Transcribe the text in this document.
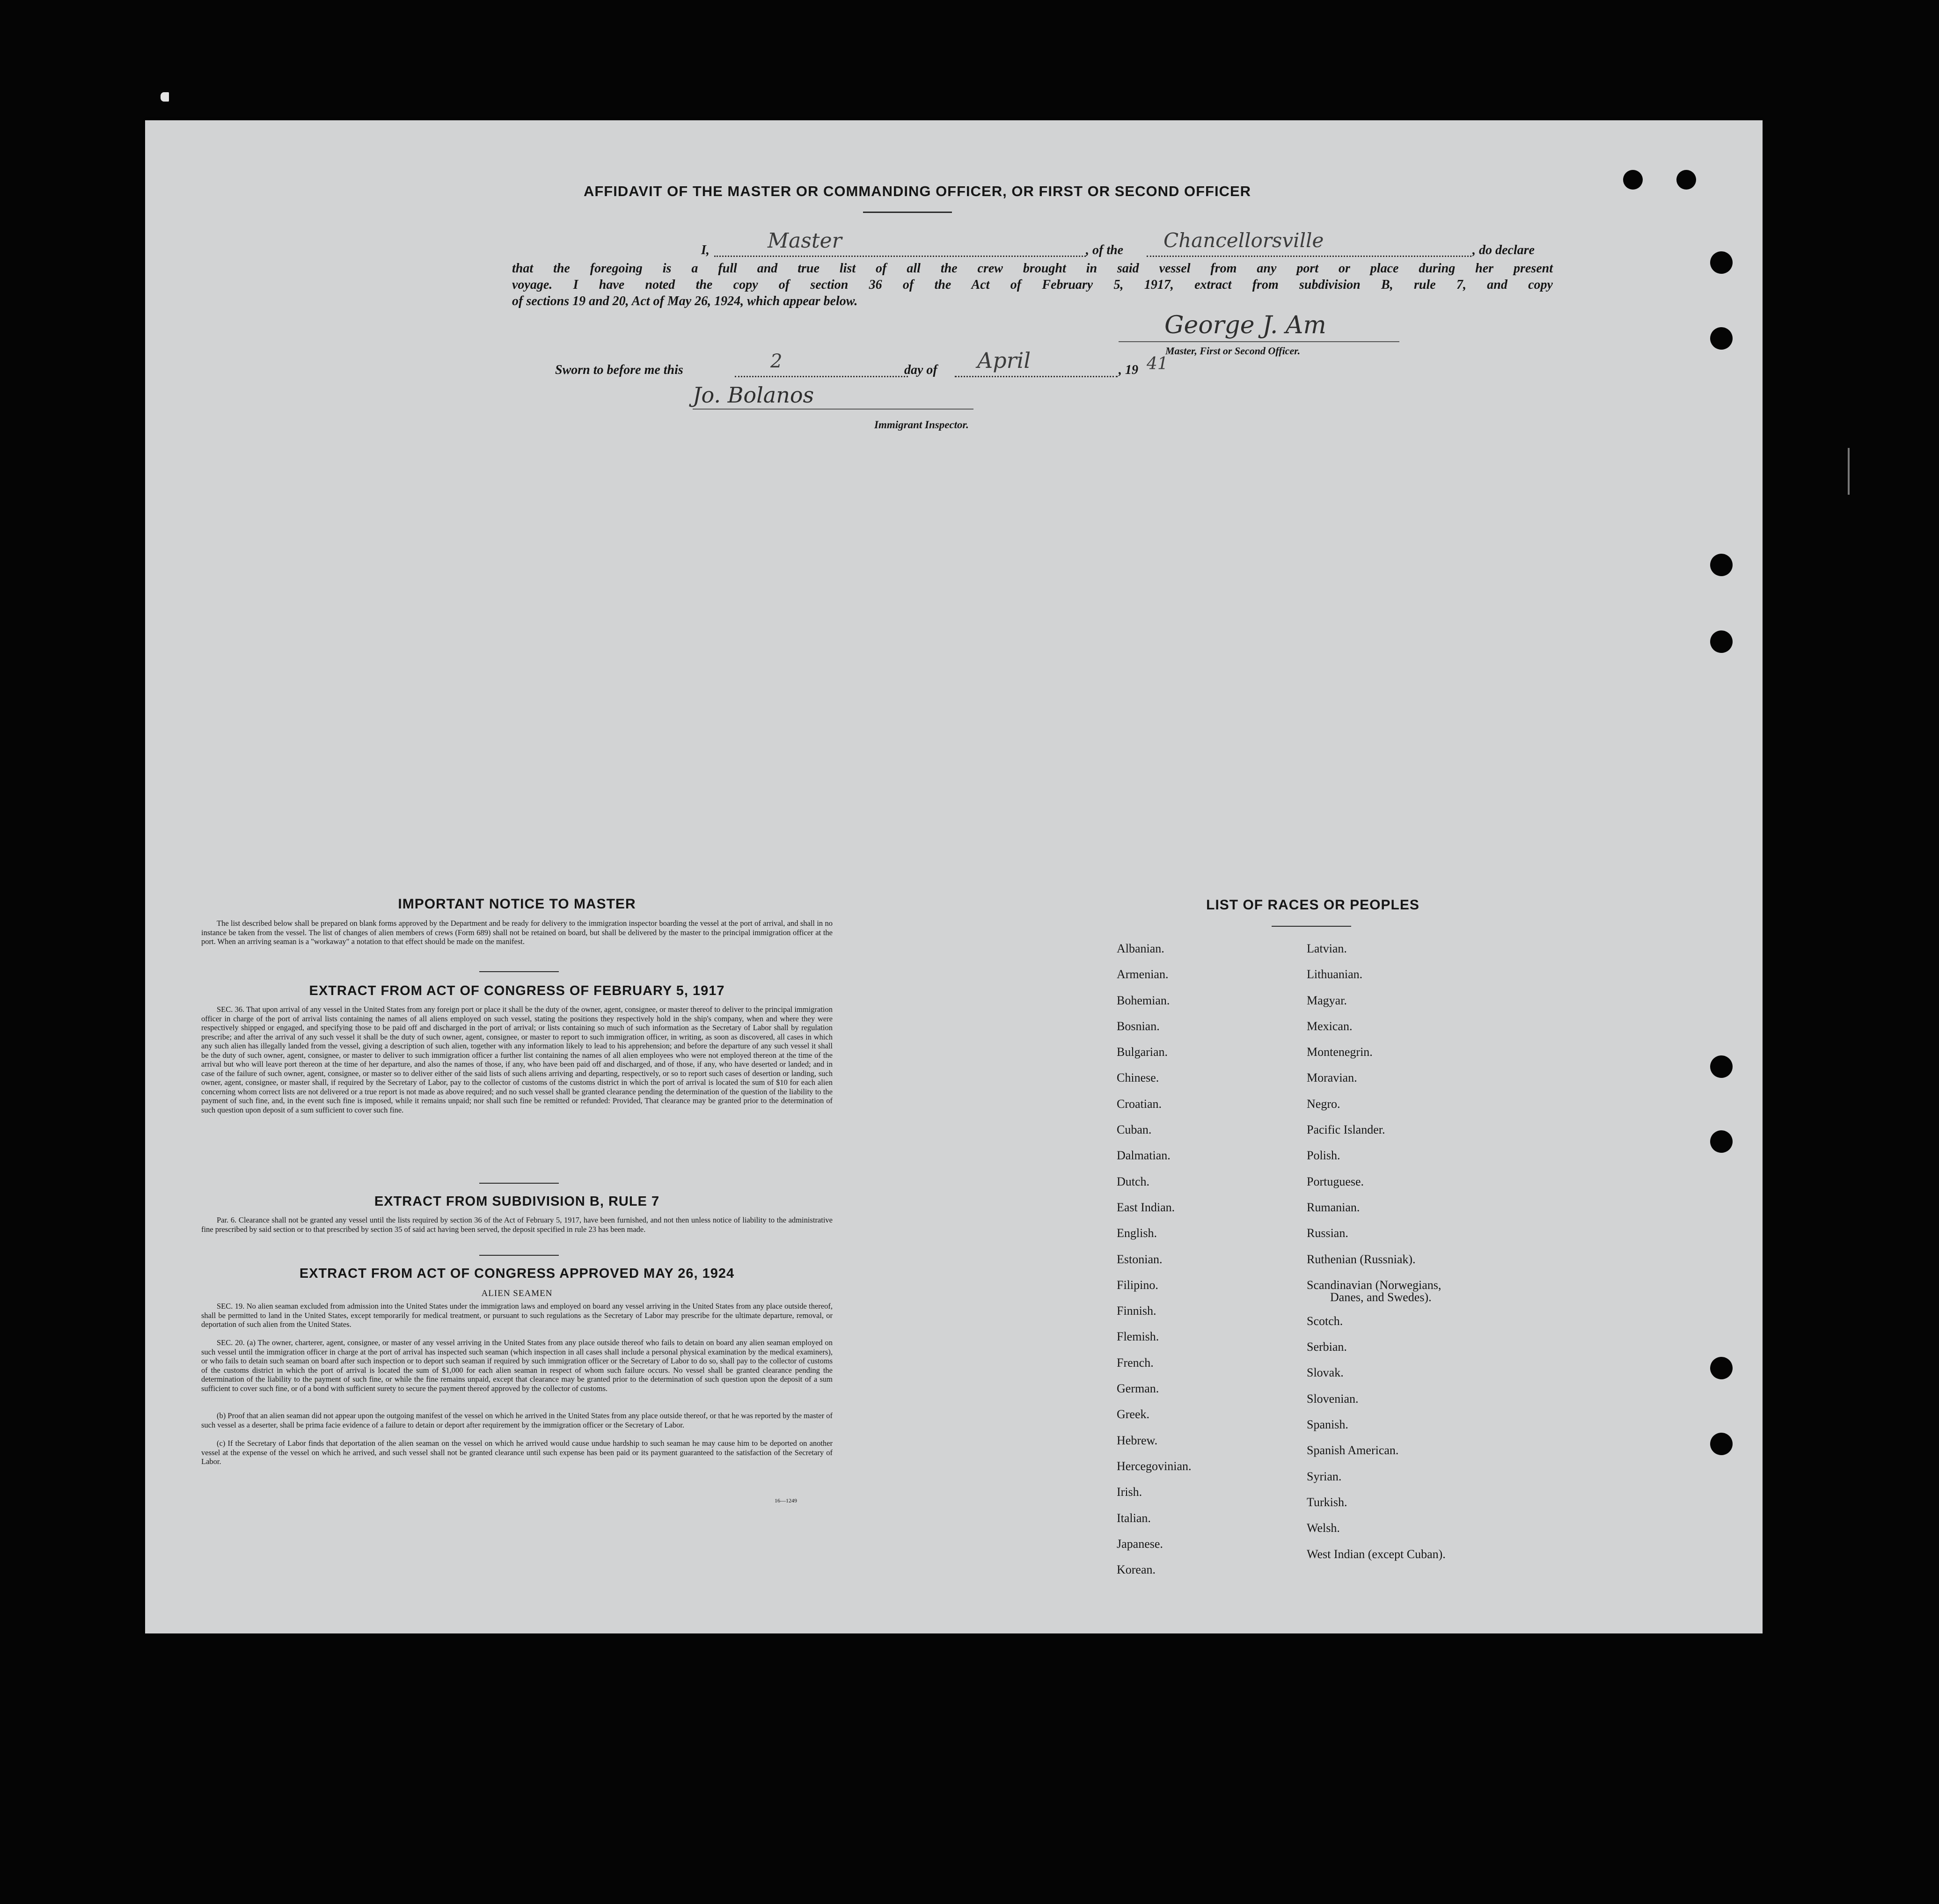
AFFIDAVIT OF THE MASTER OR COMMANDING OFFICER, OR FIRST OR SECOND OFFICER
I,	Master	, of the Chancellorsville	, do declare
that the foregoing is a full and true list of all the crew brought in said vessel from any port or place during her present
voyage. I have noted the copy of section 36 of the Act of February 5, 1917, extract from subdivision B, rule 7, and copy
of sections 19 and 20, Act of May 26, 1924, which appear below.
George J. Am
Master, First or Second Officer.
Sworn to before me this	2	day of April	, 19 41
Jo. Bolanos
Immigrant Inspector.
IMPORTANT NOTICE TO MASTER
The list described below shall be prepared on blank forms approved by the Department and be ready for delivery to the immigration inspector boarding the vessel at the port of arrival, and shall in no instance be taken from the vessel. The list of changes of alien members of crews (Form 689) shall not be retained on board, but shall be delivered by the master to the principal immigration officer at the port. When an arriving seaman is a "workaway" a notation to that effect should be made on the manifest.
EXTRACT FROM ACT OF CONGRESS OF FEBRUARY 5, 1917
SEC. 36. That upon arrival of any vessel in the United States from any foreign port or place it shall be the duty of the owner, agent, consignee, or master thereof to deliver to the principal immigration officer in charge of the port of arrival lists containing the names of all aliens employed on such vessel, stating the positions they respectively hold in the ship's company, when and where they were respectively shipped or engaged, and specifying those to be paid off and discharged in the port of arrival; or lists containing so much of such information as the Secretary of Labor shall by regulation prescribe; and after the arrival of any such vessel it shall be the duty of such owner, agent, consignee, or master to report to such immigration officer, in writing, as soon as discovered, all cases in which any such alien has illegally landed from the vessel, giving a description of such alien, together with any information likely to lead to his apprehension; and before the departure of any such vessel it shall be the duty of such owner, agent, consignee, or master to deliver to such immigration officer a further list containing the names of all alien employees who were not employed thereon at the time of the arrival but who will leave port thereon at the time of her departure, and also the names of those, if any, who have been paid off and discharged, and of those, if any, who have deserted or landed; and in case of the failure of such owner, agent, consignee, or master so to deliver either of the said lists of such aliens arriving and departing, respectively, or so to report such cases of desertion or landing, such owner, agent, consignee, or master shall, if required by the Secretary of Labor, pay to the collector of customs of the customs district in which the port of arrival is located the sum of $10 for each alien concerning whom correct lists are not delivered or a true report is not made as above required; and no such vessel shall be granted clearance pending the determination of the question of the liability to the payment of such fine, and, in the event such fine is imposed, while it remains unpaid; nor shall such fine be remitted or refunded: Provided, That clearance may be granted prior to the determination of such question upon deposit of a sum sufficient to cover such fine.
EXTRACT FROM SUBDIVISION B, RULE 7
Par. 6. Clearance shall not be granted any vessel until the lists required by section 36 of the Act of February 5, 1917, have been furnished, and not then unless notice of liability to the administrative fine prescribed by said section or to that prescribed by section 35 of said act having been served, the deposit specified in rule 23 has been made.
EXTRACT FROM ACT OF CONGRESS APPROVED MAY 26, 1924
ALIEN SEAMEN
SEC. 19. No alien seaman excluded from admission into the United States under the immigration laws and employed on board any vessel arriving in the United States from any place outside thereof, shall be permitted to land in the United States, except temporarily for medical treatment, or pursuant to such regulations as the Secretary of Labor may prescribe for the ultimate departure, removal, or deportation of such alien from the United States.
SEC. 20. (a) The owner, charterer, agent, consignee, or master of any vessel arriving in the United States from any place outside thereof who fails to detain on board any alien seaman employed on such vessel until the immigration officer in charge at the port of arrival has inspected such seaman (which inspection in all cases shall include a personal physical examination by the medical examiners), or who fails to detain such seaman on board after such inspection or to deport such seaman if required by such immigration officer or the Secretary of Labor to do so, shall pay to the collector of customs of the customs district in which the port of arrival is located the sum of $1,000 for each alien seaman in respect of whom such failure occurs. No vessel shall be granted clearance pending the determination of the liability to the payment of such fine, or while the fine remains unpaid, except that clearance may be granted prior to the determination of such question upon the deposit of a sum sufficient to cover such fine, or of a bond with sufficient surety to secure the payment thereof approved by the collector of customs.
(b) Proof that an alien seaman did not appear upon the outgoing manifest of the vessel on which he arrived in the United States from any place outside thereof, or that he was reported by the master of such vessel as a deserter, shall be prima facie evidence of a failure to detain or deport after requirement by the immigration officer or the Secretary of Labor.
(c) If the Secretary of Labor finds that deportation of the alien seaman on the vessel on which he arrived would cause undue hardship to such seaman he may cause him to be deported on another vessel at the expense of the vessel on which he arrived, and such vessel shall not be granted clearance until such expense has been paid or its payment guaranteed to the satisfaction of the Secretary of Labor.
16—1249
LIST OF RACES OR PEOPLES
Albanian.
Armenian.
Bohemian.
Bosnian.
Bulgarian.
Chinese.
Croatian.
Cuban.
Dalmatian.
Dutch.
East Indian.
English.
Estonian.
Filipino.
Finnish.
Flemish.
French.
German.
Greek.
Hebrew.
Hercegovinian.
Irish.
Italian.
Japanese.
Korean.
Latvian.
Lithuanian.
Magyar.
Mexican.
Montenegrin.
Moravian.
Negro.
Pacific Islander.
Polish.
Portuguese.
Rumanian.
Russian.
Ruthenian (Russniak).
Scandinavian (Norwegians,
Danes, and Swedes).
Scotch.
Serbian.
Slovak.
Slovenian.
Spanish.
Spanish American.
Syrian.
Turkish.
Welsh.
West Indian (except Cuban).
